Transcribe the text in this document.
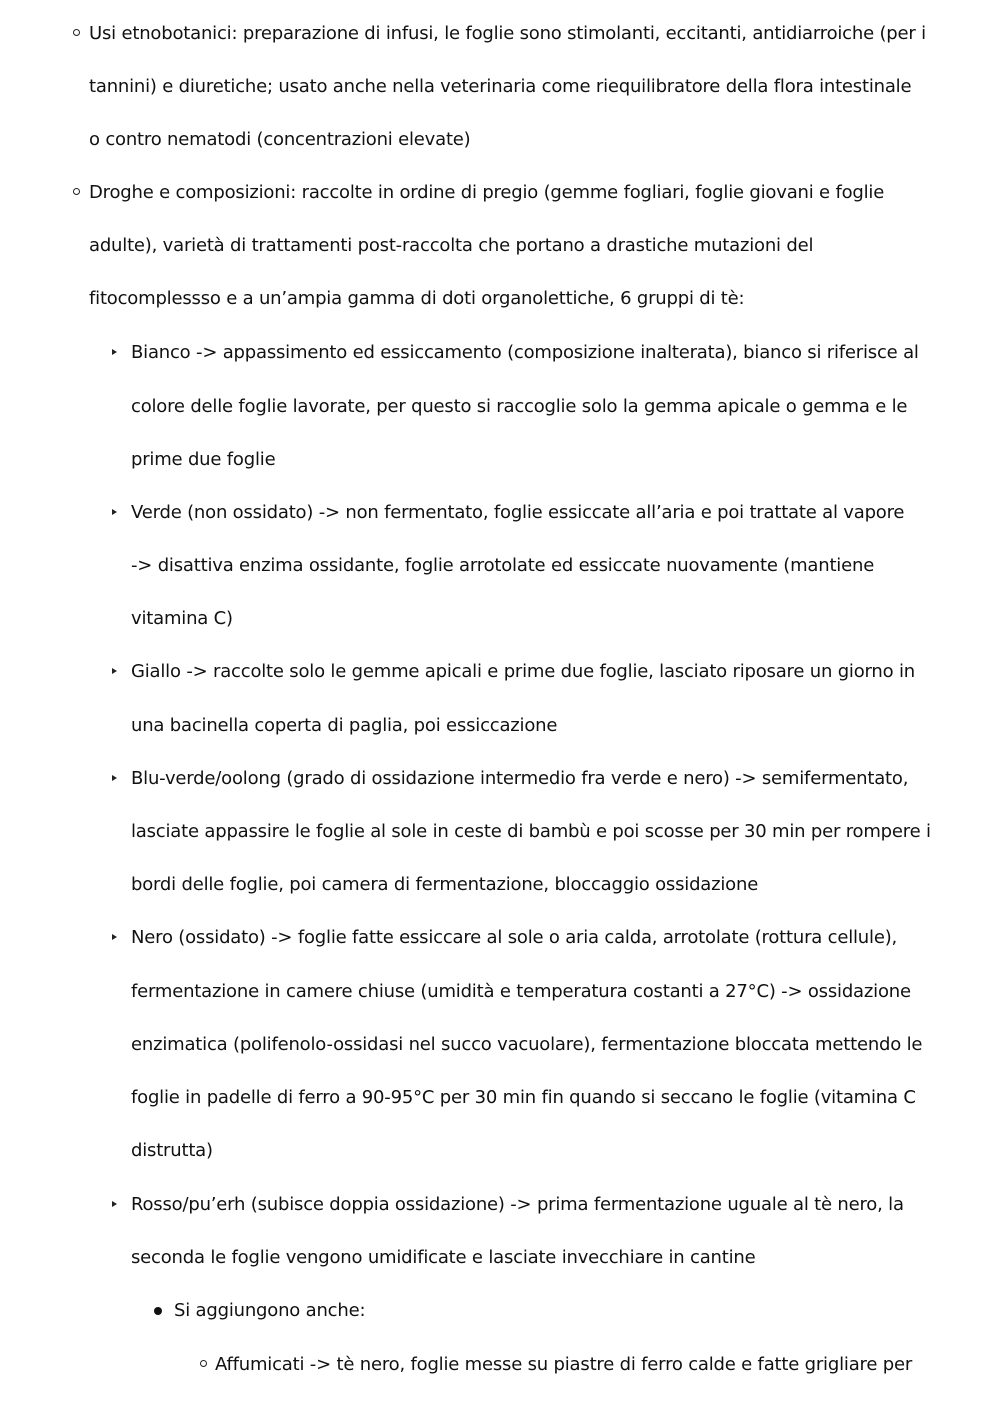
Usi etnobotanici: preparazione di infusi, le foglie sono stimolanti, eccitanti, antidiarroiche (per i
tannini) e diuretiche; usato anche nella veterinaria come riequilibratore della flora intestinale
o contro nematodi (concentrazioni elevate)
Droghe e composizioni: raccolte in ordine di pregio (gemme fogliari, foglie giovani e foglie
adulte), varietà di trattamenti post-raccolta che portano a drastiche mutazioni del
fitocomplessso e a un’ampia gamma di doti organolettiche, 6 gruppi di tè:
Bianco -> appassimento ed essiccamento (composizione inalterata), bianco si riferisce al
colore delle foglie lavorate, per questo si raccoglie solo la gemma apicale o gemma e le
prime due foglie
Verde (non ossidato) -> non fermentato, foglie essiccate all’aria e poi trattate al vapore
-> disattiva enzima ossidante, foglie arrotolate ed essiccate nuovamente (mantiene
vitamina C)
Giallo -> raccolte solo le gemme apicali e prime due foglie, lasciato riposare un giorno in
una bacinella coperta di paglia, poi essiccazione
Blu-verde/oolong (grado di ossidazione intermedio fra verde e nero) -> semifermentato,
lasciate appassire le foglie al sole in ceste di bambù e poi scosse per 30 min per rompere i
bordi delle foglie, poi camera di fermentazione, bloccaggio ossidazione
Nero (ossidato) -> foglie fatte essiccare al sole o aria calda, arrotolate (rottura cellule),
fermentazione in camere chiuse (umidità e temperatura costanti a 27°C) -> ossidazione
enzimatica (polifenolo-ossidasi nel succo vacuolare), fermentazione bloccata mettendo le
foglie in padelle di ferro a 90-95°C per 30 min fin quando si seccano le foglie (vitamina C
distrutta)
Rosso/pu’erh (subisce doppia ossidazione) -> prima fermentazione uguale al tè nero, la
seconda le foglie vengono umidificate e lasciate invecchiare in cantine
Si aggiungono anche:
Affumicati -> tè nero, foglie messe su piastre di ferro calde e fatte grigliare per
